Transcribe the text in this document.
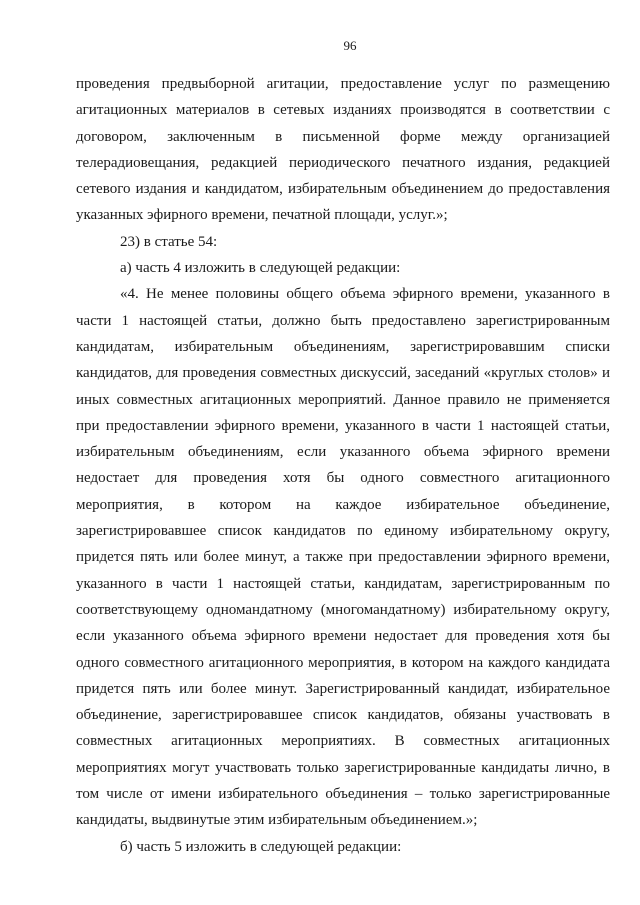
96

проведения предвыборной агитации, предоставление услуг по размещению агитационных материалов в сетевых изданиях производятся в соответствии с договором, заключенным в письменной форме между организацией телерадиовещания, редакцией периодического печатного издания, редакцией сетевого издания и кандидатом, избирательным объединением до предоставления указанных эфирного времени, печатной площади, услуг.»;

23) в статье 54:

а) часть 4 изложить в следующей редакции:

«4. Не менее половины общего объема эфирного времени, указанного в части 1 настоящей статьи, должно быть предоставлено зарегистрированным кандидатам, избирательным объединениям, зарегистрировавшим списки кандидатов, для проведения совместных дискуссий, заседаний «круглых столов» и иных совместных агитационных мероприятий. Данное правило не применяется при предоставлении эфирного времени, указанного в части 1 настоящей статьи, избирательным объединениям, если указанного объема эфирного времени недостает для проведения хотя бы одного совместного агитационного мероприятия, в котором на каждое избирательное объединение, зарегистрировавшее список кандидатов по единому избирательному округу, придется пять или более минут, а также при предоставлении эфирного времени, указанного в части 1 настоящей статьи, кандидатам, зарегистрированным по соответствующему одномандатному (многомандатному) избирательному округу, если указанного объема эфирного времени недостает для проведения хотя бы одного совместного агитационного мероприятия, в котором на каждого кандидата придется пять или более минут. Зарегистрированный кандидат, избирательное объединение, зарегистрировавшее список кандидатов, обязаны участвовать в совместных агитационных мероприятиях. В совместных агитационных мероприятиях могут участвовать только зарегистрированные кандидаты лично, в том числе от имени избирательного объединения – только зарегистрированные кандидаты, выдвинутые этим избирательным объединением.»;

б) часть 5 изложить в следующей редакции:
